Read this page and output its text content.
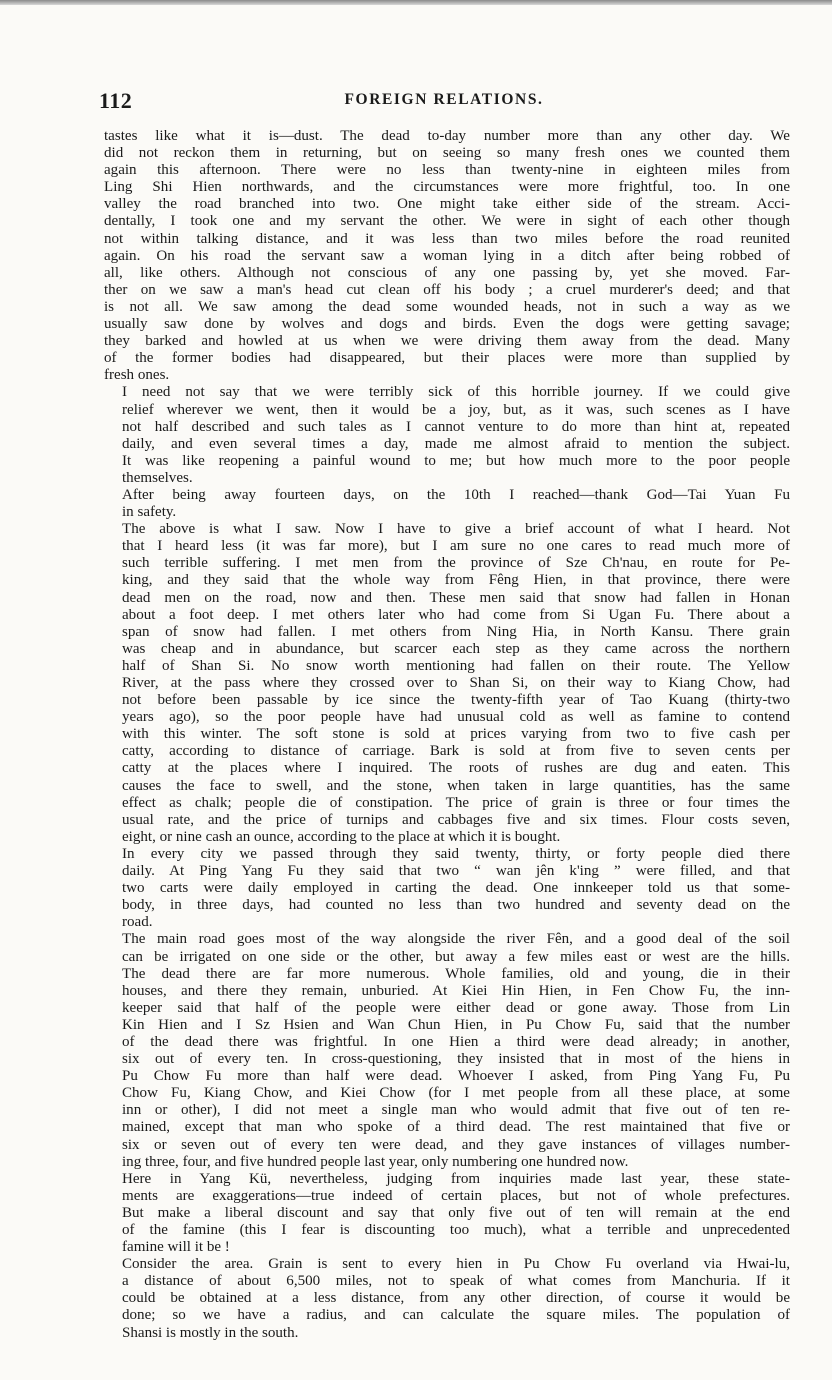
112	FOREIGN RELATIONS.

tastes like what it is—dust. The dead to-day number more than any other day. We
did not reckon them in returning, but on seeing so many fresh ones we counted them
again this afternoon. There were no less than twenty-nine in eighteen miles from
Ling Shi Hien northwards, and the circumstances were more frightful, too. In one
valley the road branched into two. One might take either side of the stream. Acci-
dentally, I took one and my servant the other. We were in sight of each other though
not within talking distance, and it was less than two miles before the road reunited
again. On his road the servant saw a woman lying in a ditch after being robbed of
all, like others. Although not conscious of any one passing by, yet she moved. Far-
ther on we saw a man's head cut clean off his body ; a cruel murderer's deed; and that
is not all. We saw among the dead some wounded heads, not in such a way as we
usually saw done by wolves and dogs and birds. Even the dogs were getting savage;
they barked and howled at us when we were driving them away from the dead. Many
of the former bodies had disappeared, but their places were more than supplied by
fresh ones.

I need not say that we were terribly sick of this horrible journey. If we could give
relief wherever we went, then it would be a joy, but, as it was, such scenes as I have
not half described and such tales as I cannot venture to do more than hint at, repeated
daily, and even several times a day, made me almost afraid to mention the subject.
It was like reopening a painful wound to me; but how much more to the poor people
themselves.

After being away fourteen days, on the 10th I reached—thank God—Tai Yuan Fu
in safety.

The above is what I saw. Now I have to give a brief account of what I heard. Not
that I heard less (it was far more), but I am sure no one cares to read much more of
such terrible suffering. I met men from the province of Sze Ch'nau, en route for Pe-
king, and they said that the whole way from Fêng Hien, in that province, there were
dead men on the road, now and then. These men said that snow had fallen in Honan
about a foot deep. I met others later who had come from Si Ugan Fu. There about a
span of snow had fallen. I met others from Ning Hia, in North Kansu. There grain
was cheap and in abundance, but scarcer each step as they came across the northern
half of Shan Si. No snow worth mentioning had fallen on their route. The Yellow
River, at the pass where they crossed over to Shan Si, on their way to Kiang Chow, had
not before been passable by ice since the twenty-fifth year of Tao Kuang (thirty-two
years ago), so the poor people have had unusual cold as well as famine to contend
with this winter. The soft stone is sold at prices varying from two to five cash per
catty, according to distance of carriage. Bark is sold at from five to seven cents per
catty at the places where I inquired. The roots of rushes are dug and eaten. This
causes the face to swell, and the stone, when taken in large quantities, has the same
effect as chalk; people die of constipation. The price of grain is three or four times the
usual rate, and the price of turnips and cabbages five and six times. Flour costs seven,
eight, or nine cash an ounce, according to the place at which it is bought.

In every city we passed through they said twenty, thirty, or forty people died there
daily. At Ping Yang Fu they said that two “ wan jên k'ing ” were filled, and that
two carts were daily employed in carting the dead. One innkeeper told us that some-
body, in three days, had counted no less than two hundred and seventy dead on the
road.

The main road goes most of the way alongside the river Fên, and a good deal of the soil
can be irrigated on one side or the other, but away a few miles east or west are the hills.
The dead there are far more numerous. Whole families, old and young, die in their
houses, and there they remain, unburied. At Kiei Hin Hien, in Fen Chow Fu, the inn-
keeper said that half of the people were either dead or gone away. Those from Lin
Kin Hien and I Sz Hsien and Wan Chun Hien, in Pu Chow Fu, said that the number
of the dead there was frightful. In one Hien a third were dead already; in another,
six out of every ten. In cross-questioning, they insisted that in most of the hiens in
Pu Chow Fu more than half were dead. Whoever I asked, from Ping Yang Fu, Pu
Chow Fu, Kiang Chow, and Kiei Chow (for I met people from all these place, at some
inn or other), I did not meet a single man who would admit that five out of ten re-
mained, except that man who spoke of a third dead. The rest maintained that five or
six or seven out of every ten were dead, and they gave instances of villages number-
ing three, four, and five hundred people last year, only numbering one hundred now.

Here in Yang Kü, nevertheless, judging from inquiries made last year, these state-
ments are exaggerations—true indeed of certain places, but not of whole prefectures.
But make a liberal discount and say that only five out of ten will remain at the end
of the famine (this I fear is discounting too much), what a terrible and unprecedented
famine will it be !

Consider the area. Grain is sent to every hien in Pu Chow Fu overland via Hwai-lu,
a distance of about 6,500 miles, not to speak of what comes from Manchuria. If it
could be obtained at a less distance, from any other direction, of course it would be
done; so we have a radius, and can calculate the square miles. The population of
Shansi is mostly in the south.
